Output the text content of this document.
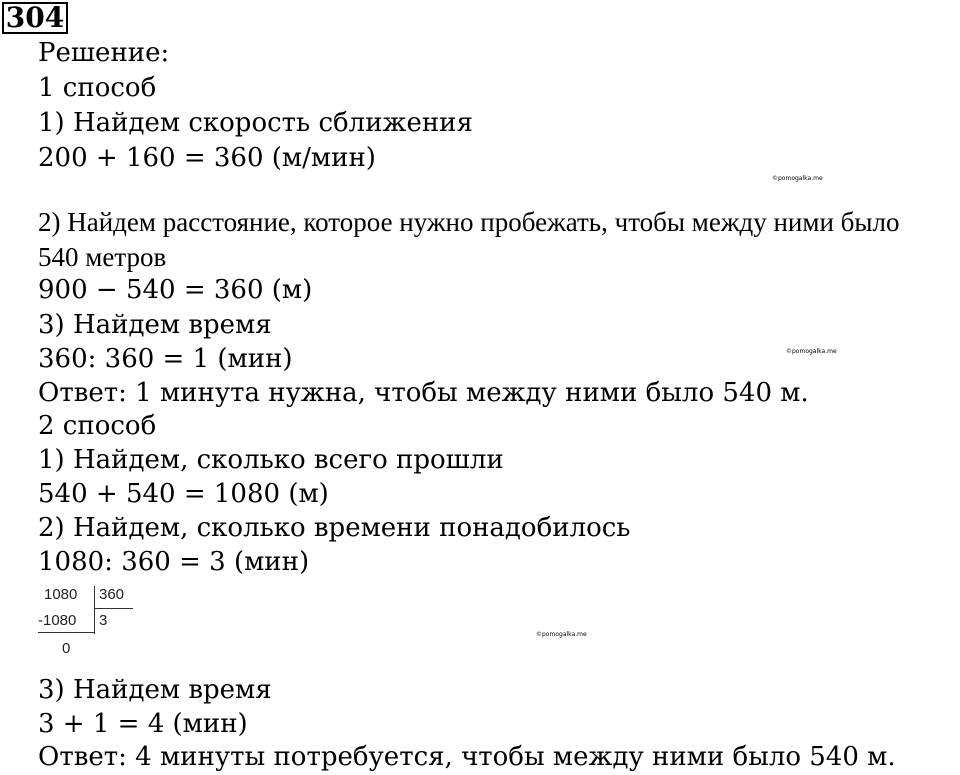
304
Решение:
1 способ
1) Найдем скорость сближения
200 + 160 = 360 (м/мин)
©pomogalka.me
2) Найдем расстояние, которое нужно пробежать, чтобы между ними было
540 метров
900 − 540 = 360 (м)
3) Найдем время
360: 360 = 1 (мин)	©pomogalka.me
Ответ: 1 минута нужна, чтобы между ними было 540 м.
2 способ
1) Найдем, сколько всего прошли
540 + 540 = 1080 (м)
2) Найдем, сколько времени понадобилось
1080: 360 = 3 (мин)
1080 360
-1080 3
0
©pomogalka.me
3) Найдем время
3 + 1 = 4 (мин)
Ответ: 4 минуты потребуется, чтобы между ними было 540 м.
